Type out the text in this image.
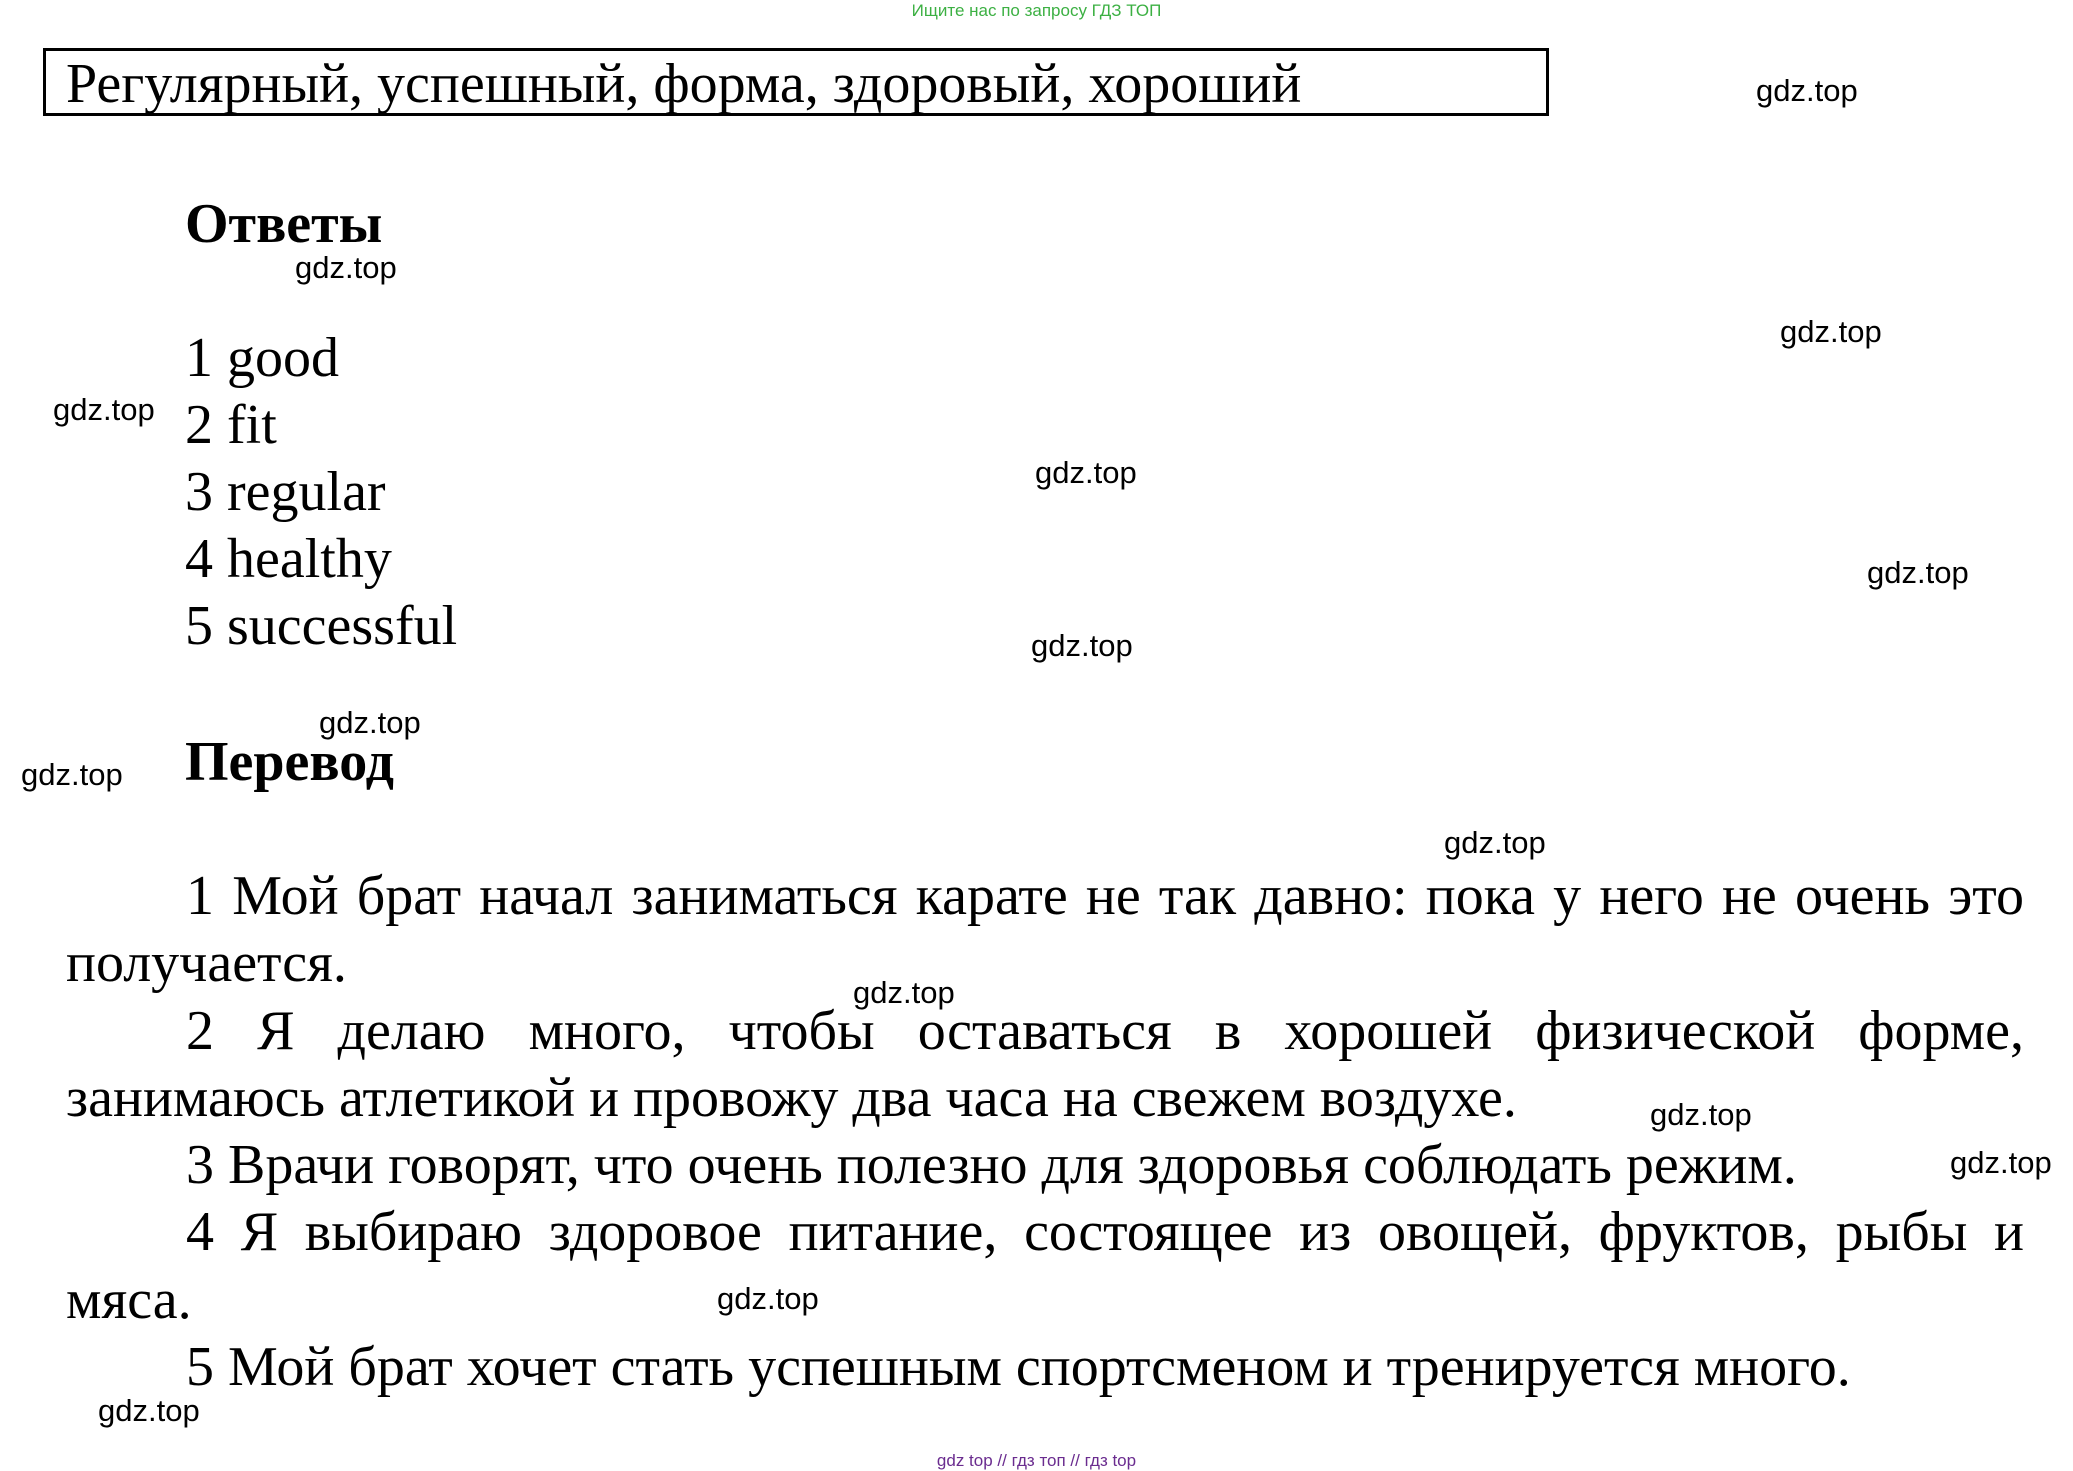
Ищите нас по запросу ГДЗ ТОП
Регулярный, успешный, форма, здоровый, хороший
Ответы
1 good
2 fit
3 regular
4 healthy
5 successful
Перевод

1 Мой брат начал заниматься карате не так давно: пока у него не очень это получается.

2 Я делаю много, чтобы оставаться в хорошей физической форме, занимаюсь атлетикой и провожу два часа на свежем воздухе.

3 Врачи говорят, что очень полезно для здоровья соблюдать режим.

4 Я выбираю здоровое питание, состоящее из овощей, фруктов, рыбы и мяса.

5 Мой брат хочет стать успешным спортсменом и тренируется много.

gdz.top
gdz.top
gdz.top
gdz.top
gdz.top
gdz.top
gdz.top
gdz.top
gdz.top
gdz.top
gdz.top
gdz.top
gdz.top
gdz.top
gdz.top
gdz top // гдз топ // гдз top
